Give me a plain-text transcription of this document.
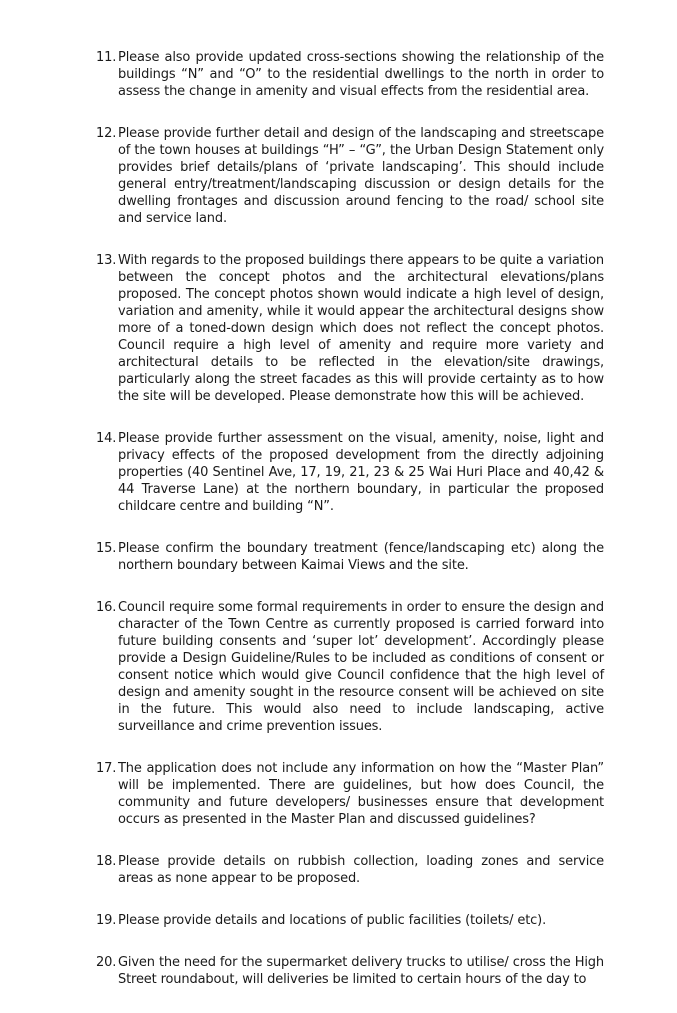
11. Please also provide updated cross-sections showing the relationship of the buildings “N” and “O” to the residential dwellings to the north in order to assess the change in amenity and visual effects from the residential area.
12. Please provide further detail and design of the landscaping and streetscape of the town houses at buildings “H” – “G”, the Urban Design Statement only provides brief details/plans of ‘private landscaping’. This should include general entry/treatment/landscaping discussion or design details for the dwelling frontages and discussion around fencing to the road/ school site and service land.
13. With regards to the proposed buildings there appears to be quite a variation between the concept photos and the architectural elevations/plans proposed. The concept photos shown would indicate a high level of design, variation and amenity, while it would appear the architectural designs show more of a toned-down design which does not reflect the concept photos. Council require a high level of amenity and require more variety and architectural details to be reflected in the elevation/site drawings, particularly along the street facades as this will provide certainty as to how the site will be developed. Please demonstrate how this will be achieved.
14. Please provide further assessment on the visual, amenity, noise, light and privacy effects of the proposed development from the directly adjoining properties (40 Sentinel Ave, 17, 19, 21, 23 & 25 Wai Huri Place and 40,42 & 44 Traverse Lane) at the northern boundary, in particular the proposed childcare centre and building “N”.
15. Please confirm the boundary treatment (fence/landscaping etc) along the northern boundary between Kaimai Views and the site.
16. Council require some formal requirements in order to ensure the design and character of the Town Centre as currently proposed is carried forward into future building consents and ‘super lot’ development’. Accordingly please provide a Design Guideline/Rules to be included as conditions of consent or consent notice which would give Council confidence that the high level of design and amenity sought in the resource consent will be achieved on site in the future. This would also need to include landscaping, active surveillance and crime prevention issues.
17. The application does not include any information on how the “Master Plan” will be implemented. There are guidelines, but how does Council, the community and future developers/ businesses ensure that development occurs as presented in the Master Plan and discussed guidelines?
18. Please provide details on rubbish collection, loading zones and service areas as none appear to be proposed.
19. Please provide details and locations of public facilities (toilets/ etc).
20. Given the need for the supermarket delivery trucks to utilise/ cross the High Street roundabout, will deliveries be limited to certain hours of the day to
